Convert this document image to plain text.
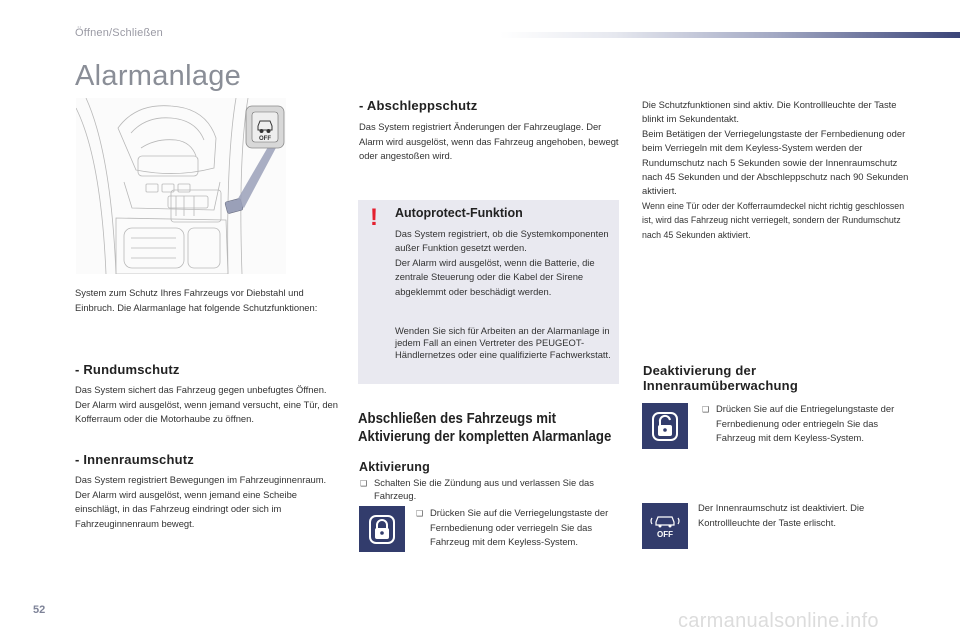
Öffnen/Schließen
Alarmanlage
OFF
System zum Schutz Ihres Fahrzeugs vor Diebstahl und Einbruch. Die Alarmanlage hat folgende Schutzfunktionen:
- Rundumschutz
Das System sichert das Fahrzeug gegen unbefugtes Öffnen.
Der Alarm wird ausgelöst, wenn jemand versucht, eine Tür, den Kofferraum oder die Motorhaube zu öffnen.
- Innenraumschutz
Das System registriert Bewegungen im Fahrzeuginnenraum.
Der Alarm wird ausgelöst, wenn jemand eine Scheibe einschlägt, in das Fahrzeug eindringt oder sich im Fahrzeuginnenraum bewegt.
- Abschleppschutz
Das System registriert Änderungen der Fahrzeuglage. Der Alarm wird ausgelöst, wenn das Fahrzeug angehoben, bewegt oder angestoßen wird.
! Autoprotect-Funktion
Das System registriert, ob die Systemkomponenten außer Funktion gesetzt werden.
Der Alarm wird ausgelöst, wenn die Batterie, die zentrale Steuerung oder die Kabel der Sirene abgeklemmt oder beschädigt werden.
Wenden Sie sich für Arbeiten an der Alarmanlage in jedem Fall an einen Vertreter des PEUGEOT-Händlernetzes oder eine qualifizierte Fachwerkstatt.
Abschließen des Fahrzeugs mit
Aktivierung der kompletten Alarmanlage
Aktivierung
❑ Schalten Sie die Zündung aus und verlassen Sie das Fahrzeug.
❑ Drücken Sie auf die Verriegelungstaste der Fernbedienung oder verriegeln Sie das Fahrzeug mit dem Keyless-System.
Die Schutzfunktionen sind aktiv. Die Kontrollleuchte der Taste blinkt im Sekundentakt.
Beim Betätigen der Verriegelungstaste der Fernbedienung oder beim Verriegeln mit dem Keyless-System werden der Rundumschutz nach 5 Sekunden sowie der Innenraumschutz nach 45 Sekunden und der Abschleppschutz nach 90 Sekunden aktiviert.
Wenn eine Tür oder der Kofferraumdeckel nicht richtig geschlossen ist, wird das Fahrzeug nicht verriegelt, sondern der Rundumschutz nach 45 Sekunden aktiviert.
Deaktivierung der
Innenraumüberwachung
❑ Drücken Sie auf die Entriegelungstaste der Fernbedienung oder entriegeln Sie das Fahrzeug mit dem Keyless-System.
OFF
Der Innenraumschutz ist deaktiviert. Die Kontrollleuchte der Taste erlischt.
52	carmanualsonline.info
